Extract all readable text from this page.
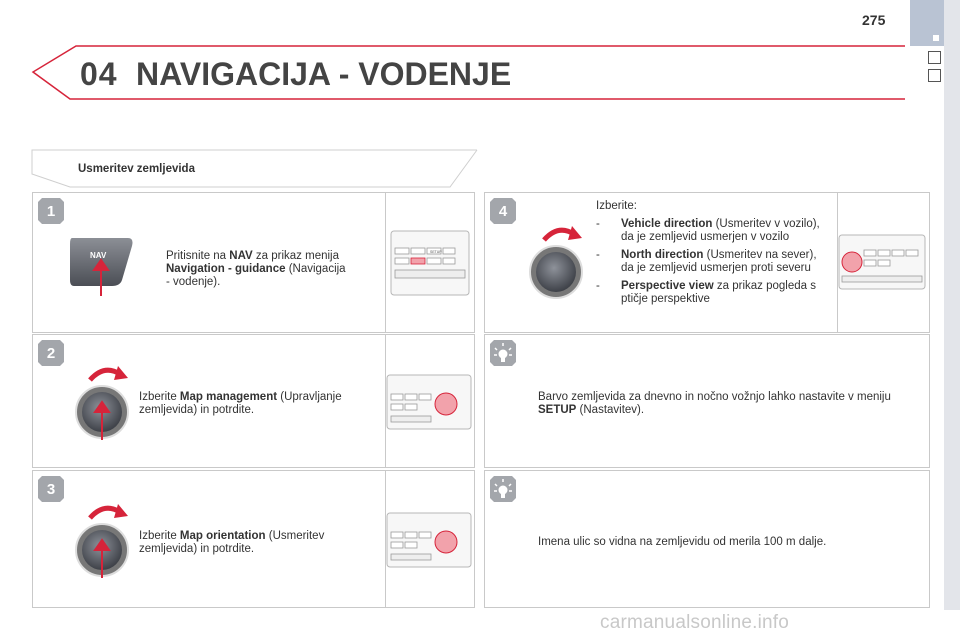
275
04 NAVIGACIJA - VODENJE
Usmeritev zemljevida
1
NAV	Pritisnite na NAV za prikaz menija Navigation - guidance (Navigacija - vodenje).
SETUP
2
Izberite Map management (Upravljanje zemljevida) in potrdite.
3
Izberite Map orientation (Usmeritev zemljevida) in potrdite.
4	Izberite:
- Vehicle direction (Usmeritev v vozilo), da je zemljevid usmerjen v vozilo
- North direction (Usmeritev na sever), da je zemljevid usmerjen proti severu
- Perspective view za prikaz pogleda s ptičje perspektive
Barvo zemljevida za dnevno in nočno vožnjo lahko nastavite v meniju SETUP (Nastavitev).
Imena ulic so vidna na zemljevidu od merila 100 m dalje.
carmanualsonline.info
